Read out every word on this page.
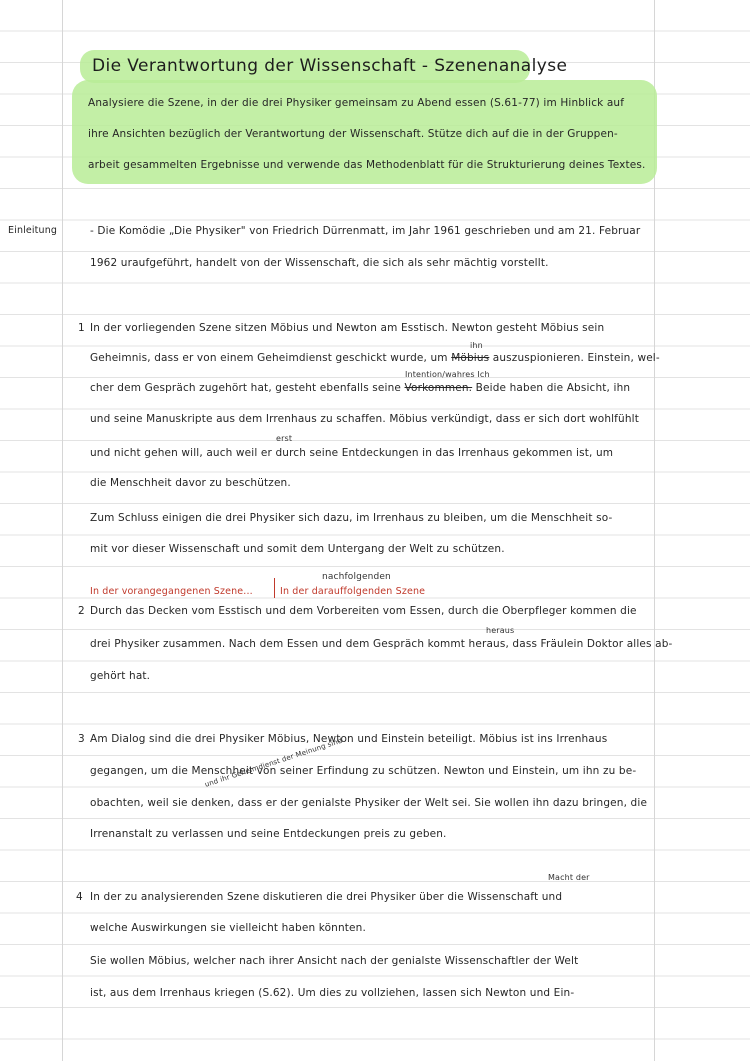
Die Verantwortung der Wissenschaft - Szenenanalyse
Analysiere die Szene, in der die drei Physiker gemeinsam zu Abend essen (S.61-77) im Hinblick auf
ihre Ansichten bezüglich der Verantwortung der Wissenschaft. Stütze dich auf die in der Gruppen-
arbeit gesammelten Ergebnisse und verwende das Methodenblatt für die Strukturierung deines Textes.
Einleitung	- Die Komödie „Die Physiker" von Friedrich Dürrenmatt, im Jahr 1961 geschrieben und am 21. Februar
1962 uraufgeführt, handelt von der Wissenschaft, die sich als sehr mächtig vorstellt.
1 In der vorliegenden Szene sitzen Möbius und Newton am Esstisch. Newton gesteht Möbius sein
ihn
Geheimnis, dass er von einem Geheimdienst geschickt wurde, um Möbius auszuspionieren. Einstein, wel-
Intention/wahres Ich
cher dem Gespräch zugehört hat, gesteht ebenfalls seine Vorkommen. Beide haben die Absicht, ihn
und seine Manuskripte aus dem Irrenhaus zu schaffen. Möbius verkündigt, dass er sich dort wohlfühlt
erst
und nicht gehen will, auch weil er durch seine Entdeckungen in das Irrenhaus gekommen ist, um
die Menschheit davor zu beschützen.
Zum Schluss einigen die drei Physiker sich dazu, im Irrenhaus zu bleiben, um die Menschheit so-
mit vor dieser Wissenschaft und somit dem Untergang der Welt zu schützen.
nachfolgenden
In der vorangegangenen Szene...	In der darauffolgenden Szene
2 Durch das Decken vom Esstisch und dem Vorbereiten vom Essen, durch die Oberpfleger kommen die
heraus
drei Physiker zusammen. Nach dem Essen und dem Gespräch kommt heraus, dass Fräulein Doktor alles ab-
gehört hat.
3 Am Dialog sind die drei Physiker Möbius, Newton und Einstein beteiligt. Möbius ist ins Irrenhaus
gegangen, um die Menschheit von seiner Erfindung zu schützen. Newton und Einstein, um ihn zu be-
und ihr Geheimdienst der Meinung sind
obachten, weil sie denken, dass er der genialste Physiker der Welt sei. Sie wollen ihn dazu bringen, die
Irrenanstalt zu verlassen und seine Entdeckungen preis zu geben.
Macht der
4 In der zu analysierenden Szene diskutieren die drei Physiker über die Wissenschaft und
welche Auswirkungen sie vielleicht haben könnten.
Sie wollen Möbius, welcher nach ihrer Ansicht nach der genialste Wissenschaftler der Welt
ist, aus dem Irrenhaus kriegen (S.62). Um dies zu vollziehen, lassen sich Newton und Ein-
